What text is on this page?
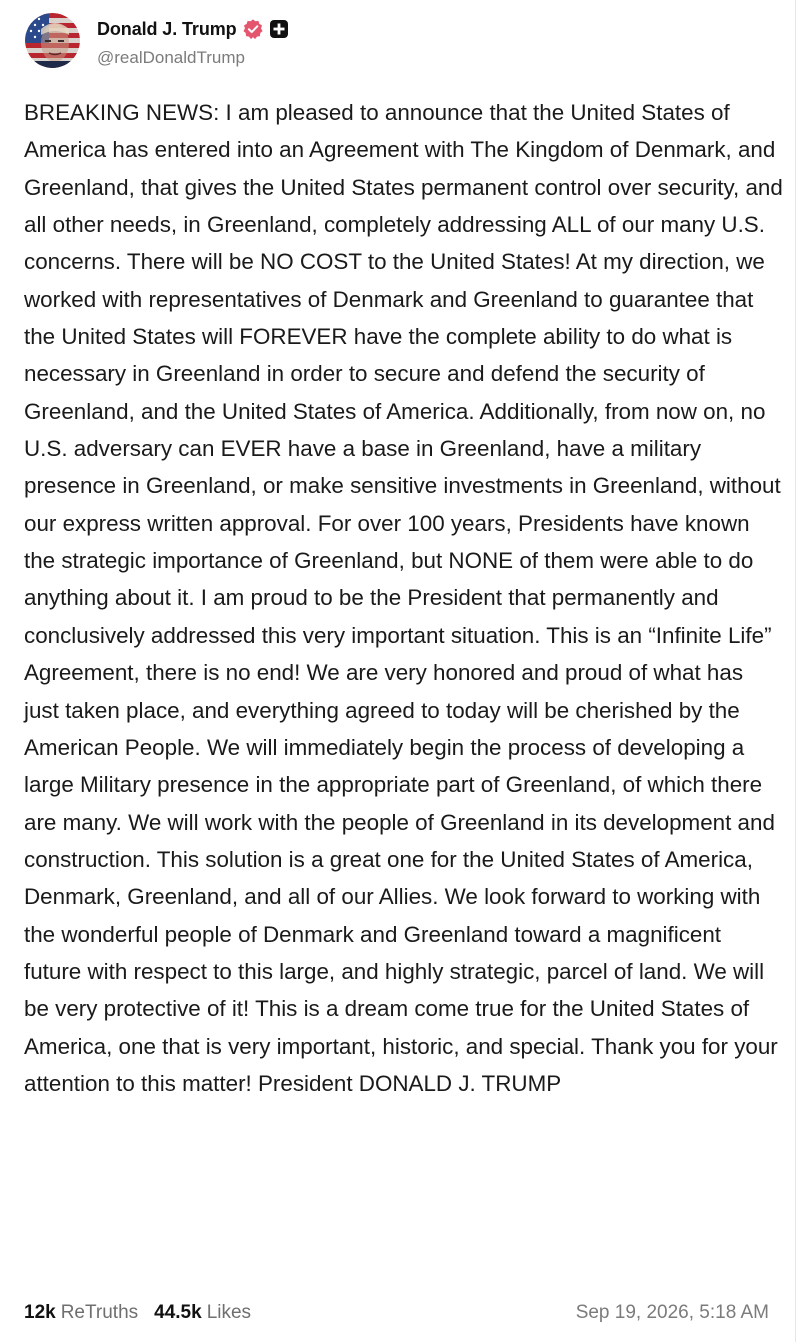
Donald J. Trump
@realDonaldTrump
BREAKING NEWS: I am pleased to announce that the United States of America has entered into an Agreement with The Kingdom of Denmark, and Greenland, that gives the United States permanent control over security, and all other needs, in Greenland, completely addressing ALL of our many U.S. concerns. There will be NO COST to the United States! At my direction, we worked with representatives of Denmark and Greenland to guarantee that the United States will FOREVER have the complete ability to do what is necessary in Greenland in order to secure and defend the security of Greenland, and the United States of America. Additionally, from now on, no U.S. adversary can EVER have a base in Greenland, have a military presence in Greenland, or make sensitive investments in Greenland, without our express written approval. For over 100 years, Presidents have known the strategic importance of Greenland, but NONE of them were able to do anything about it. I am proud to be the President that permanently and conclusively addressed this very important situation. This is an “Infinite Life” Agreement, there is no end! We are very honored and proud of what has just taken place, and everything agreed to today will be cherished by the American People. We will immediately begin the process of developing a large Military presence in the appropriate part of Greenland, of which there are many. We will work with the people of Greenland in its development and construction. This solution is a great one for the United States of America, Denmark, Greenland, and all of our Allies. We look forward to working with the wonderful people of Denmark and Greenland toward a magnificent future with respect to this large, and highly strategic, parcel of land. We will be very protective of it! This is a dream come true for the United States of America, one that is very important, historic, and special. Thank you for your attention to this matter! President DONALD J. TRUMP
12k ReTruths 44.5k Likes	Sep 19, 2026, 5:18 AM
